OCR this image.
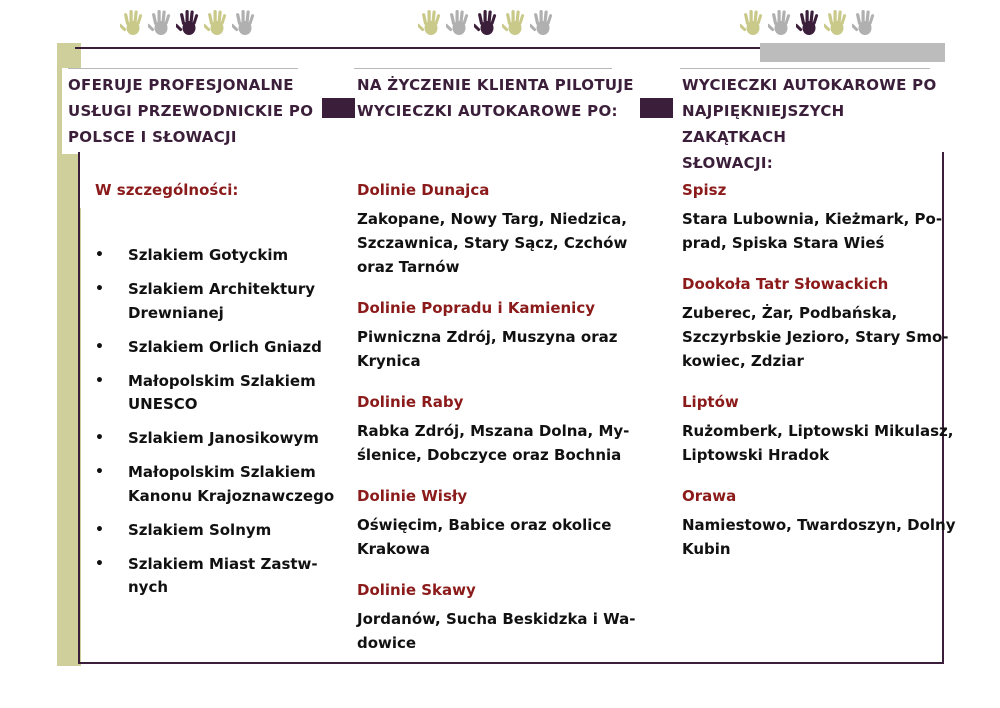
OFERUJE PROFESJONALNE
USŁUGI PRZEWODNICKIE PO
POLSCE I SŁOWACJI
W szczególności:
• Szlakiem Gotyckim
• Szlakiem Architektury
Drewnianej
• Szlakiem Orlich Gniazd
• Małopolskim Szlakiem
UNESCO
• Szlakiem Janosikowym
• Małopolskim Szlakiem
Kanonu Krajoznawczego
• Szlakiem Solnym
• Szlakiem Miast Zastw-
nych
NA ŻYCZENIE KLIENTA PILOTUJE
WYCIECZKI AUTOKAROWE PO:
Dolinie Dunajca
Zakopane, Nowy Targ, Niedzica,
Szczawnica, Stary Sącz, Czchów
oraz Tarnów
Dolinie Popradu i Kamienicy
Piwniczna Zdrój, Muszyna oraz
Krynica
Dolinie Raby
Rabka Zdrój, Mszana Dolna, My-
ślenice, Dobczyce oraz Bochnia
Dolinie Wisły
Oświęcim, Babice oraz okolice
Krakowa
Dolinie Skawy
Jordanów, Sucha Beskidzka i Wa-
dowice
WYCIECZKI AUTOKAROWE PO
NAJPIĘKNIEJSZYCH ZAKĄTKACH
SŁOWACJI:
Spisz
Stara Lubownia, Kieżmark, Po-
prad, Spiska Stara Wieś
Dookoła Tatr Słowackich
Zuberec, Żar, Podbańska,
Szczyrbskie Jezioro, Stary Smo-
kowiec, Zdziar
Liptów
Rużomberk, Liptowski Mikulasz,
Liptowski Hradok
Orawa
Namiestowo, Twardoszyn, Dolny
Kubin
